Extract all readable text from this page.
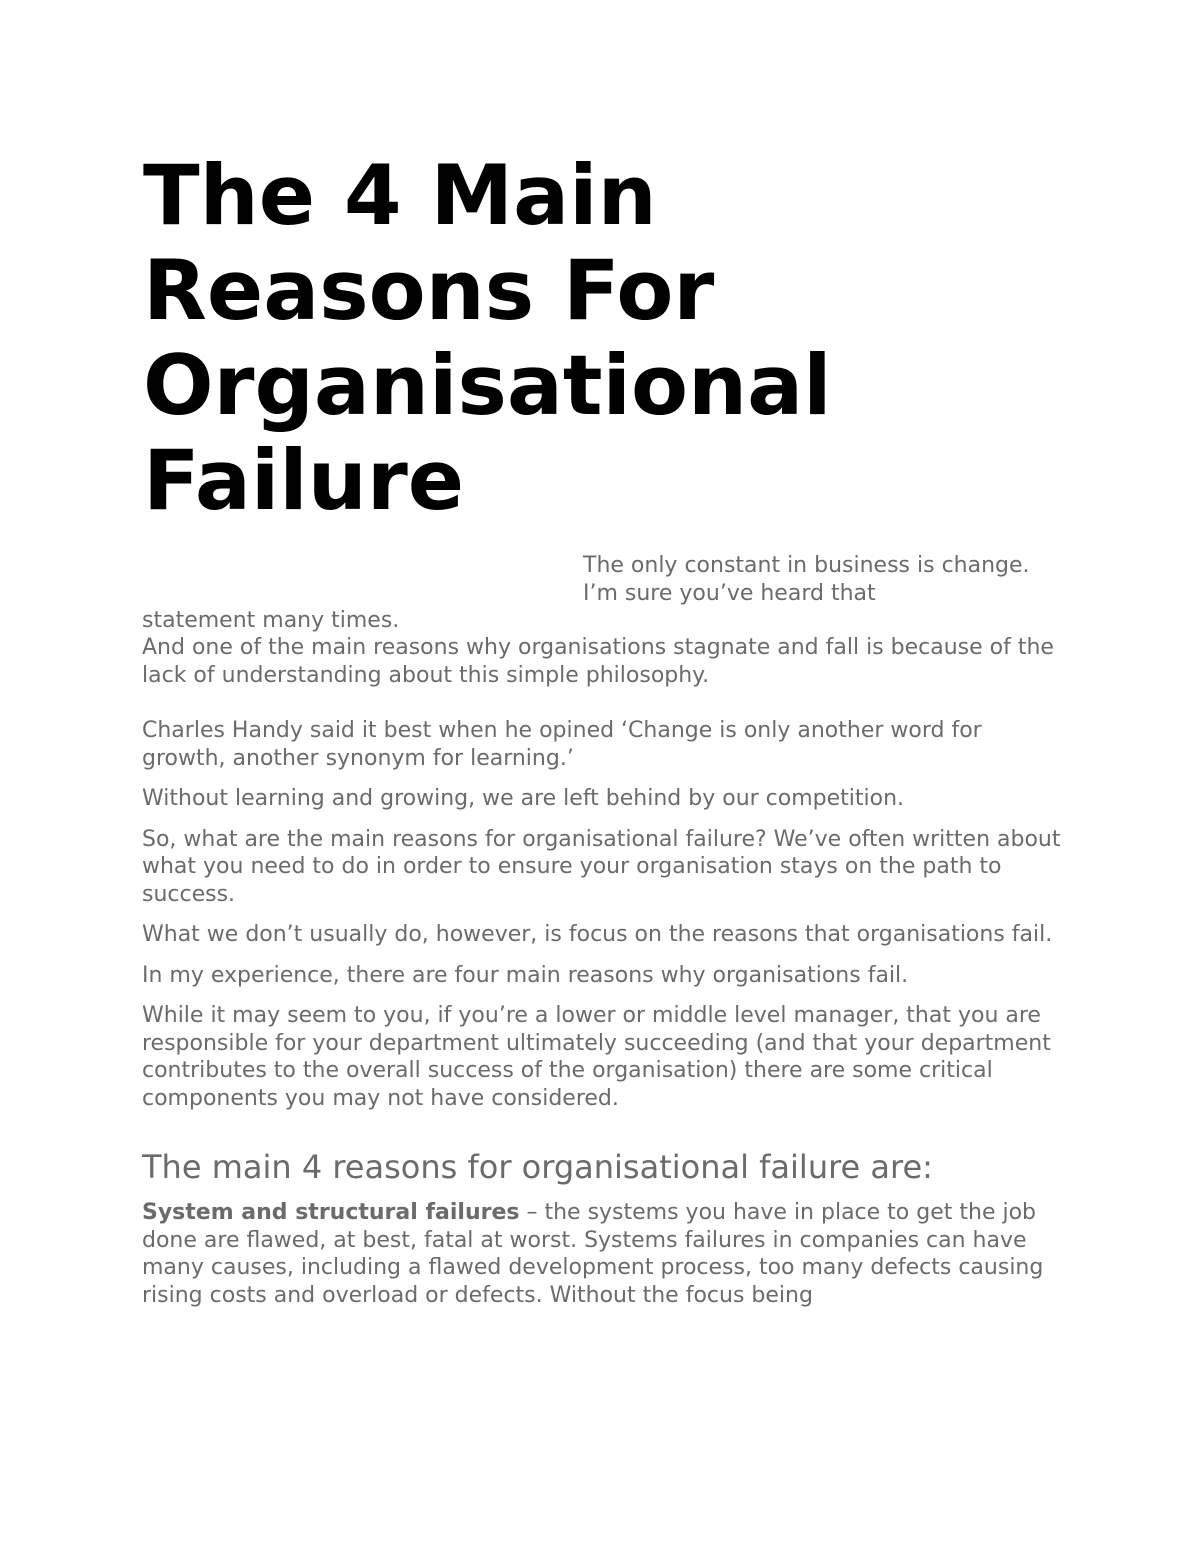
The 4 Main
Reasons For
Organisational
Failure
The only constant in business is change. I’m sure you’ve heard that
statement many times.

And one of the main reasons why organisations stagnate and fall is because of the lack of understanding about this simple philosophy.

Charles Handy said it best when he opined ‘Change is only another word for growth, another synonym for learning.’

Without learning and growing, we are left behind by our competition.

So, what are the main reasons for organisational failure? We’ve often written about what you need to do in order to ensure your organisation stays on the path to success.

What we don’t usually do, however, is focus on the reasons that organisations fail.

In my experience, there are four main reasons why organisations fail.

While it may seem to you, if you’re a lower or middle level manager, that you are responsible for your department ultimately succeeding (and that your department contributes to the overall success of the organisation) there are some critical components you may not have considered.

The main 4 reasons for organisational failure are:

System and structural failures – the systems you have in place to get the job done are flawed, at best, fatal at worst. Systems failures in companies can have many causes, including a flawed development process, too many defects causing rising costs and overload or defects. Without the focus being
